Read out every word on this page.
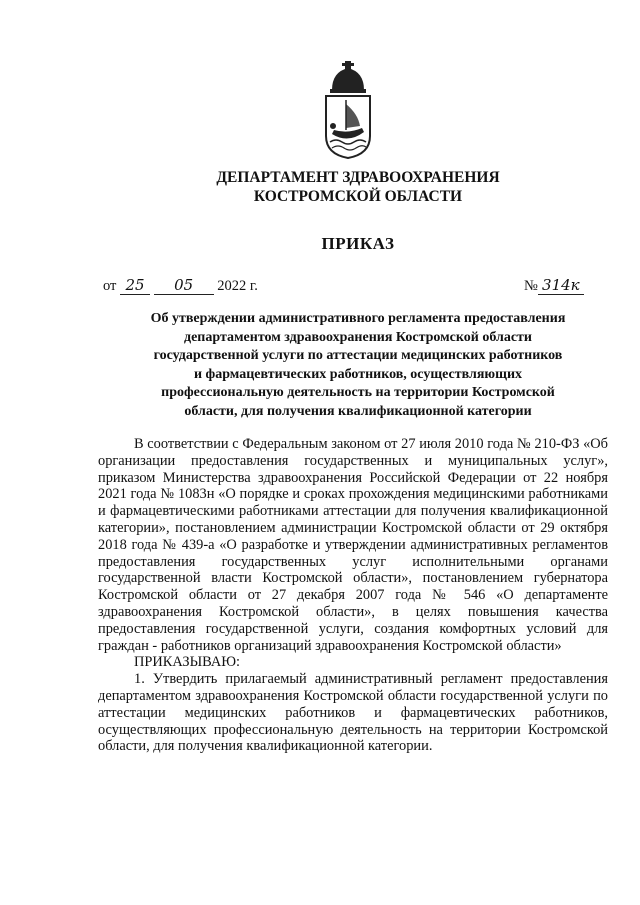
ДЕПАРТАМЕНТ ЗДРАВООХРАНЕНИЯ
КОСТРОМСКОЙ ОБЛАСТИ
ПРИКАЗ
от 25 05 2022 г.	№ 314к
Об утверждении административного регламента предоставления
департаментом здравоохранения Костромской области
государственной услуги по аттестации медицинских работников
и фармацевтических работников, осуществляющих
профессиональную деятельность на территории Костромской
области, для получения квалификационной категории

В соответствии с Федеральным законом от 27 июля 2010 года № 210-ФЗ «Об организации предоставления государственных и муниципальных услуг», приказом Министерства здравоохранения Российской Федерации от 22 ноября 2021 года № 1083н «О порядке и сроках прохождения медицинскими работниками и фармацевтическими работниками аттестации для получения квалификационной категории», постановлением администрации Костромской области от 29 октября 2018 года № 439-а «О разработке и утверждении административных регламентов предоставления государственных услуг исполнительными органами государственной власти Костромской области», постановлением губернатора Костромской области от 27 декабря 2007 года № 546 «О департаменте здравоохранения Костромской области», в целях повышения качества предоставления государственной услуги, создания комфортных условий для граждан - работников организаций здравоохранения Костромской области»

ПРИКАЗЫВАЮ:

1. Утвердить прилагаемый административный регламент предоставления департаментом здравоохранения Костромской области государственной услуги по аттестации медицинских работников и фармацевтических работников, осуществляющих профессиональную деятельность на территории Костромской области, для получения квалификационной категории.
